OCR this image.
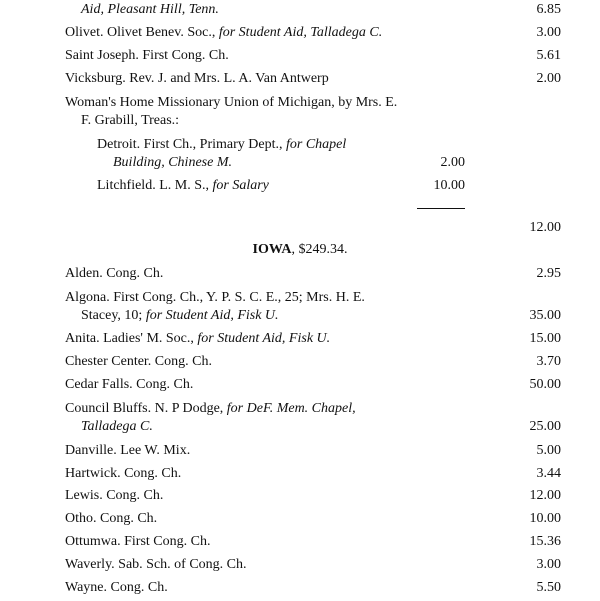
Aid, Pleasant Hill, Tenn.	6.85
Olivet. Olivet Benev. Soc., for Student Aid, Talladega C.	3.00
Saint Joseph. First Cong. Ch.	5.61
Vicksburg. Rev. J. and Mrs. L. A. Van Antwerp	2.00
Woman's Home Missionary Union of Michigan, by Mrs. E.
F. Grabill, Treas.:
Detroit. First Ch., Primary Dept., for Chapel
Building, Chinese M.	2.00
Litchfield. L. M. S., for Salary	10.00
12.00
IOWA, $249.34.
Alden. Cong. Ch.	2.95
Algona. First Cong. Ch., Y. P. S. C. E., 25; Mrs. H. E.
Stacey, 10; for Student Aid, Fisk U.	35.00
Anita. Ladies' M. Soc., for Student Aid, Fisk U.	15.00
Chester Center. Cong. Ch.	3.70
Cedar Falls. Cong. Ch.	50.00
Council Bluffs. N. P Dodge, for DeF. Mem. Chapel,
Talladega C.	25.00
Danville. Lee W. Mix.	5.00
Hartwick. Cong. Ch.	3.44
Lewis. Cong. Ch.	12.00
Otho. Cong. Ch.	10.00
Ottumwa. First Cong. Ch.	15.36
Waverly. Sab. Sch. of Cong. Ch.	3.00
Wayne. Cong. Ch.	5.50
